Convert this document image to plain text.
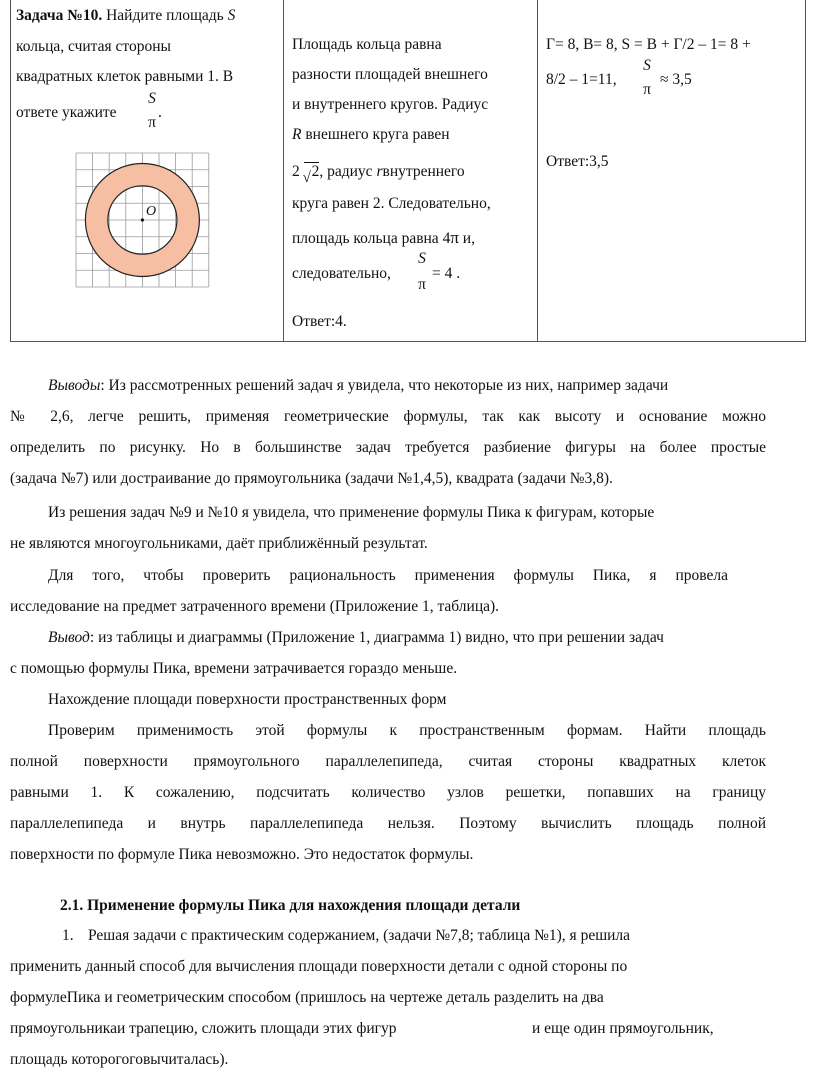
Задача №10. Найдите площадь S
кольца, считая стороны
квадратных клеток равными 1. В
ответе укажите
S
π
.
O
Площадь кольца равна
разности площадей внешнего
и внутреннего кругов. Радиус
R внешнего круга равен
2 √ 2, радиус rвнутреннего
круга равен 2. Следовательно,
площадь кольца равна 4π и,
следовательно,
S
π
= 4 .
Ответ:4.
Г= 8, В= 8, S = В + Г/2 – 1= 8 +
8/2 – 1=11,
S
π
≈ 3,5
Ответ:3,5
Выводы: Из рассмотренных решений задач я увидела, что некоторые из них, например задачи
№ 2,6, легче решить, применяя геометрические формулы, так как высоту и основание можно
определить по рисунку. Но в большинстве задач требуется разбиение фигуры на более простые
(задача №7) или достраивание до прямоугольника (задачи №1,4,5), квадрата (задачи №3,8).
Из решения задач №9 и №10 я увидела, что применение формулы Пика к фигурам, которые
не являются многоугольниками, даёт приближённый результат.
Для того, чтобы проверить рациональность применения формулы Пика, я провела
исследование на предмет затраченного времени (Приложение 1, таблица).
Вывод: из таблицы и диаграммы (Приложение 1, диаграмма 1) видно, что при решении задач
с помощью формулы Пика, времени затрачивается гораздо меньше.
Нахождение площади поверхности пространственных форм
Проверим применимость этой формулы к пространственным формам. Найти площадь
полной поверхности прямоугольного параллелепипеда, считая стороны квадратных клеток
равными 1. К сожалению, подсчитать количество узлов решетки, попавших на границу
параллелепипеда и внутрь параллелепипеда нельзя. Поэтому вычислить площадь полной
поверхности по формуле Пика невозможно. Это недостаток формулы.
2.1. Применение формулы Пика для нахождения площади детали
1. Решая задачи с практическим содержанием, (задачи №7,8; таблица №1), я решила
применить данный способ для вычисления площади поверхности детали с одной стороны по
формулеПика и геометрическим способом (пришлось на чертеже деталь разделить на два
прямоугольникаи трапецию, сложить площади этих фигур	и еще один прямоугольник,
площадь которогоговычиталась).
